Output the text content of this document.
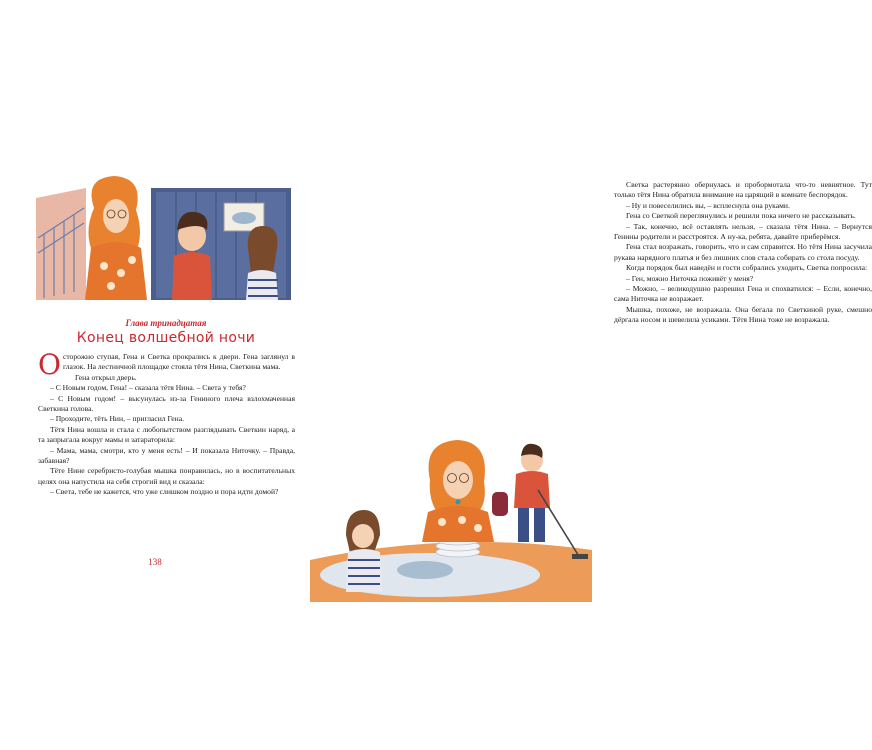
Глава тринадцатая
Конец волшебной ночи

Осторожно ступая, Гена и Светка прокрались к двери. Гена заглянул в глазок. На лестничной площадке стояла тётя Нина, Светкина мама.

Гена открыл дверь.

– С Новым годом, Гена! – сказала тётя Нина. – Света у тебя?

– С Новым годом! – высунулась из-за Гениного плеча взлохмаченная Светкина голова.

– Проходите, тёть Нин, – пригласил Гена.

Тётя Нина вошла и стала с любопытством разглядывать Светкин наряд, а та запрыгала вокруг мамы и затараторила:

– Мама, мама, смотри, кто у меня есть! – И показала Ниточку. – Правда, забавная?

Тёте Нине серебристо-голубая мышка понравилась, но в воспитательных целях она напустила на себя строгий вид и сказала:

– Света, тебе не кажется, что уже слишком поздно и пора идти домой?

138

Светка растерянно обернулась и пробормотала что-то невнятное. Тут только тётя Нина обратила внимание на царящий в комнате беспорядок.

– Ну и повеселились вы, – всплеснула она руками.

Гена со Светкой переглянулись и решили пока ничего не рассказывать.

– Так, конечно, всё оставлять нельзя, – сказала тётя Нина. – Вернутся Генины родители и расстроятся. А ну-ка, ребята, давайте приберёмся.

Гена стал возражать, говорить, что и сам справится. Но тётя Нина засучила рукава нарядного платья и без лишних слов стала собирать со стола посуду.

Когда порядок был наведён и гости собрались уходить, Светка попросила:

– Ген, можно Ниточка поживёт у меня?

– Можно, – великодушно разрешил Гена и спохватился: – Если, конечно, сама Ниточка не возражает.

Мышка, похоже, не возражала. Она бегала по Светкиной руке, смешно дёргала носом и шевелила усиками. Тётя Нина тоже не возражала.
